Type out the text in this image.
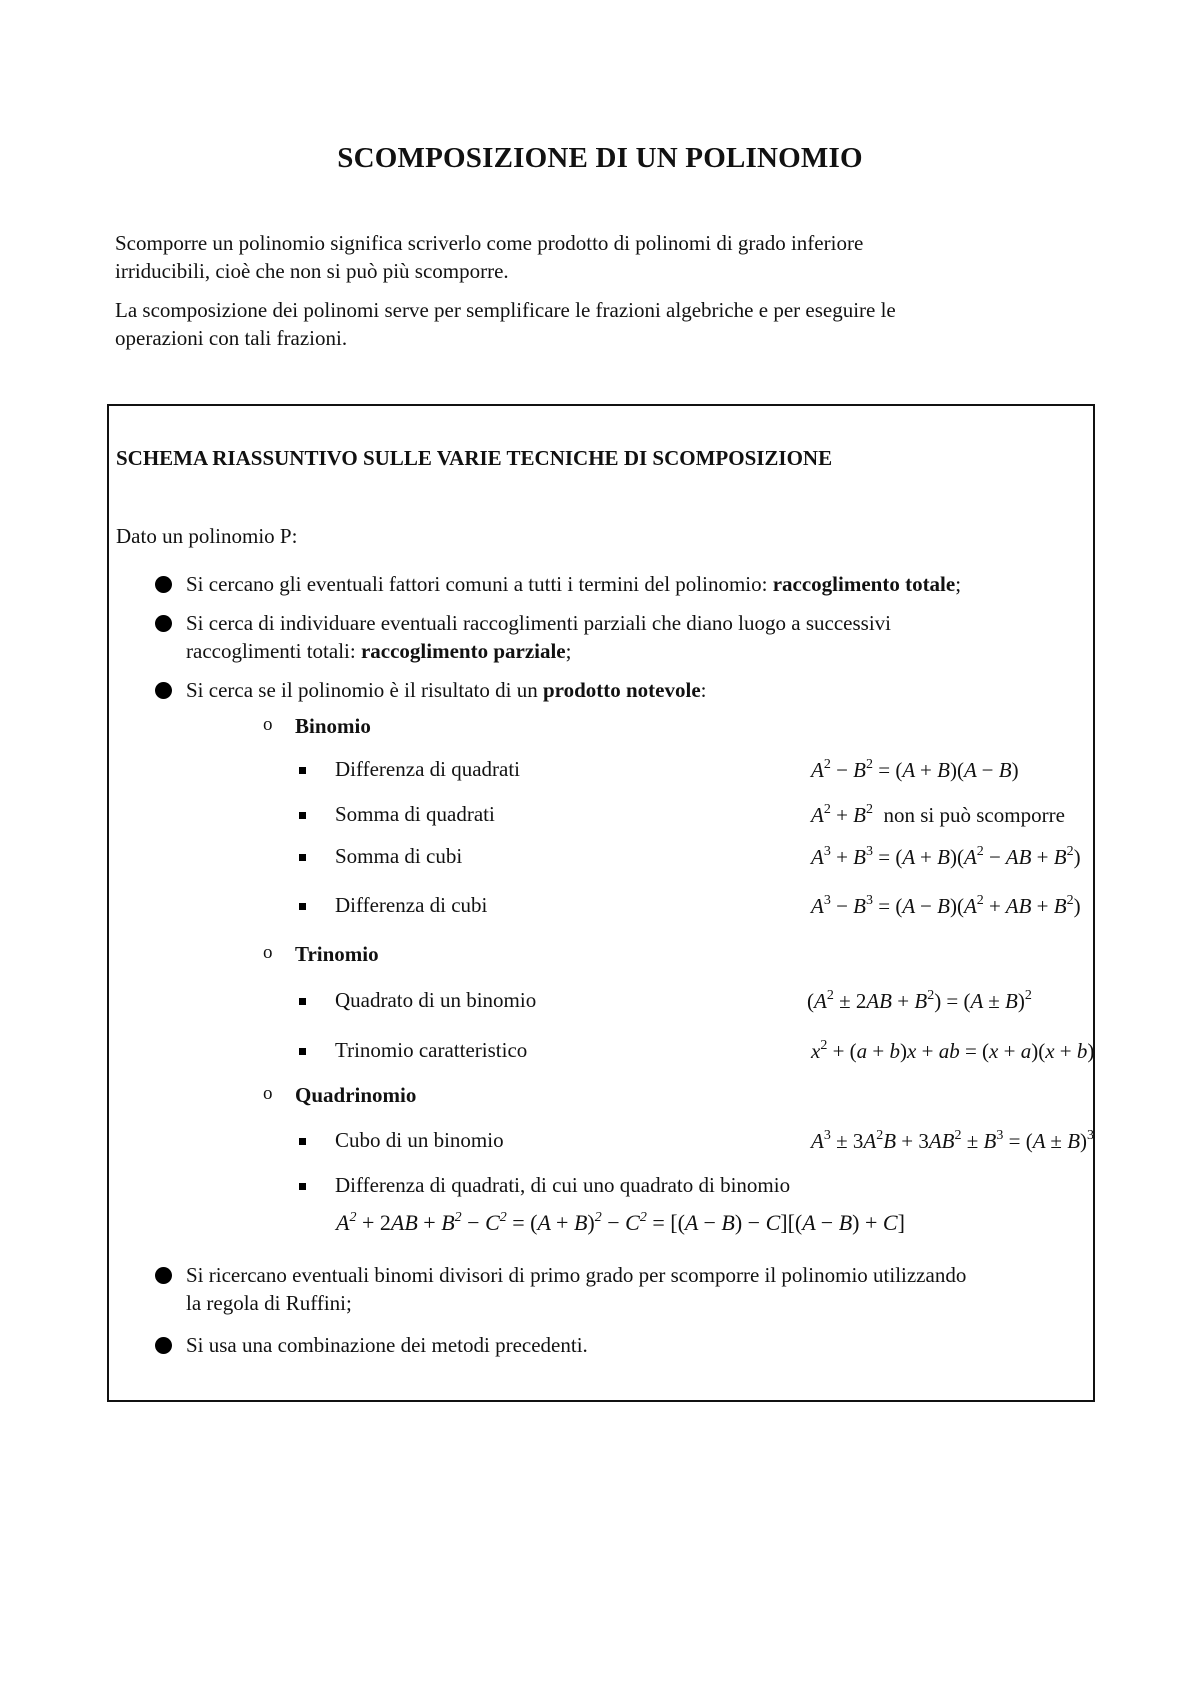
SCOMPOSIZIONE DI UN POLINOMIO

Scomporre un polinomio significa scriverlo come prodotto di polinomi di grado inferiore

irriducibili, cioè che non si può più scomporre.

La scomposizione dei polinomi serve per semplificare le frazioni algebriche e per eseguire le

operazioni con tali frazioni.

SCHEMA RIASSUNTIVO SULLE VARIE TECNICHE DI SCOMPOSIZIONE
Dato un polinomio P:
Si cercano gli eventuali fattori comuni a tutti i termini del polinomio: raccoglimento totale;
Si cerca di individuare eventuali raccoglimenti parziali che diano luogo a successivi
raccoglimenti totali: raccoglimento parziale;
Si cerca se il polinomio è il risultato di un prodotto notevole:
o Binomio
Differenza di quadrati	$A^2 - B^2 = (A + B)(A - B)$
Somma di quadrati	$A^2 + B^2$ non si può scomporre
Somma di cubi	$A^3 + B^3 = (A + B)(A^2$ − AB + $B^2$)
Differenza di cubi	$A^3 - B^3 = (A - B)(A^2$ + AB + $B^2$)
o Trinomio
Quadrato di un binomio	$(A^2 \pm 2AB + B^2) = (A \pm B)^2$
Trinomio caratteristico	$x^2 + (a + b)x$ + ab = (x + a)(x + b)
o Quadrinomio
Cubo di un binomio	$A^3 \pm 3A^2B + 3AB^2 \pm B^3 = (A \pm B)^3$
Differenza di quadrati, di cui uno quadrato di binomio
Si ricercano eventuali binomi divisori di primo grado per scomporre il polinomio utilizzando
la regola di Ruffini;
Si usa una combinazione dei metodi precedenti.
$A^2 + 2AB + B^2 - C^2 = (A + B)^2 - C^2 = [(A - B) - C][(A - B) + C]$
